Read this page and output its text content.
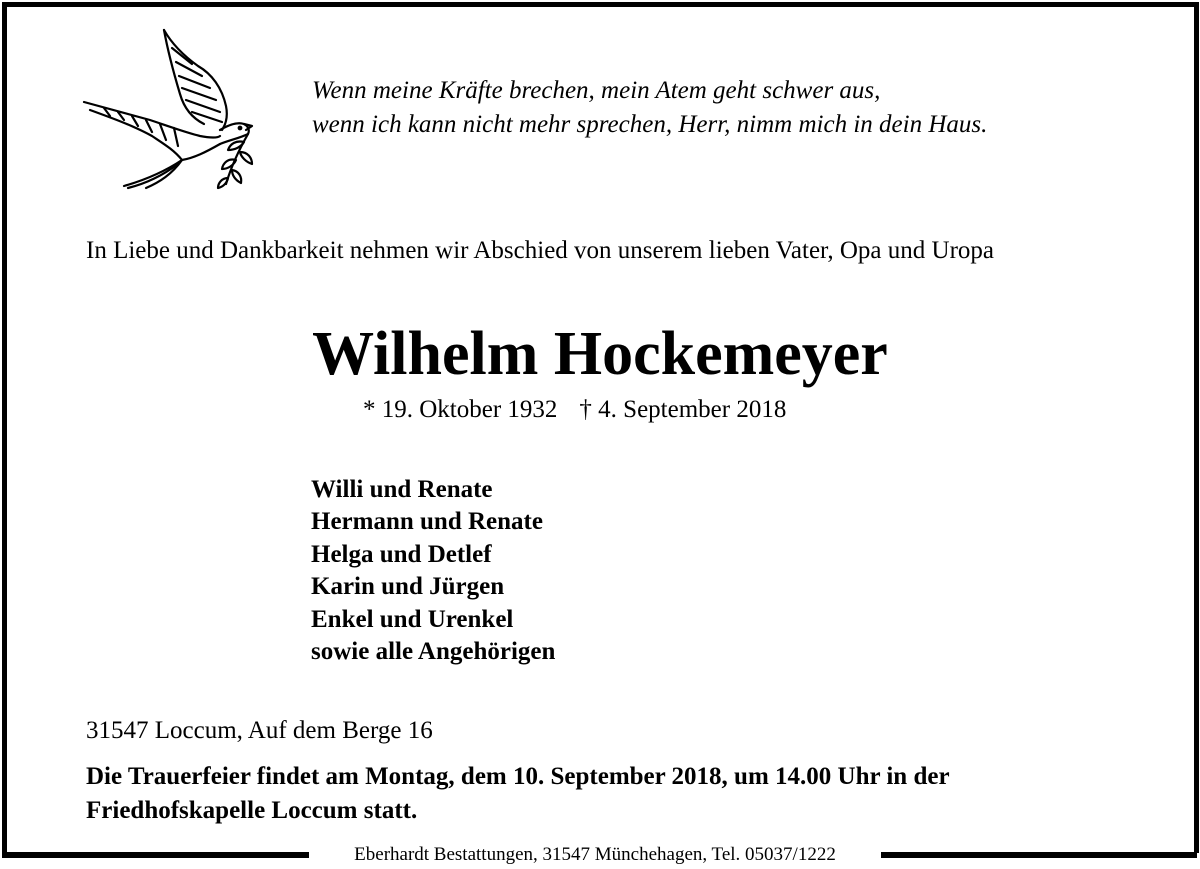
Wenn meine Kräfte brechen, mein Atem geht schwer aus,
wenn ich kann nicht mehr sprechen, Herr, nimm mich in dein Haus.
In Liebe und Dankbarkeit nehmen wir Abschied von unserem lieben Vater, Opa und Uropa
Wilhelm Hockemeyer
* 19. Oktober 1932 † 4. September 2018
Willi und Renate
Hermann und Renate
Helga und Detlef
Karin und Jürgen
Enkel und Urenkel
sowie alle Angehörigen
31547 Loccum, Auf dem Berge 16
Die Trauerfeier findet am Montag, dem 10. September 2018, um 14.00 Uhr in der
Friedhofskapelle Loccum statt.
Eberhardt Bestattungen, 31547 Münchehagen, Tel. 05037/1222
